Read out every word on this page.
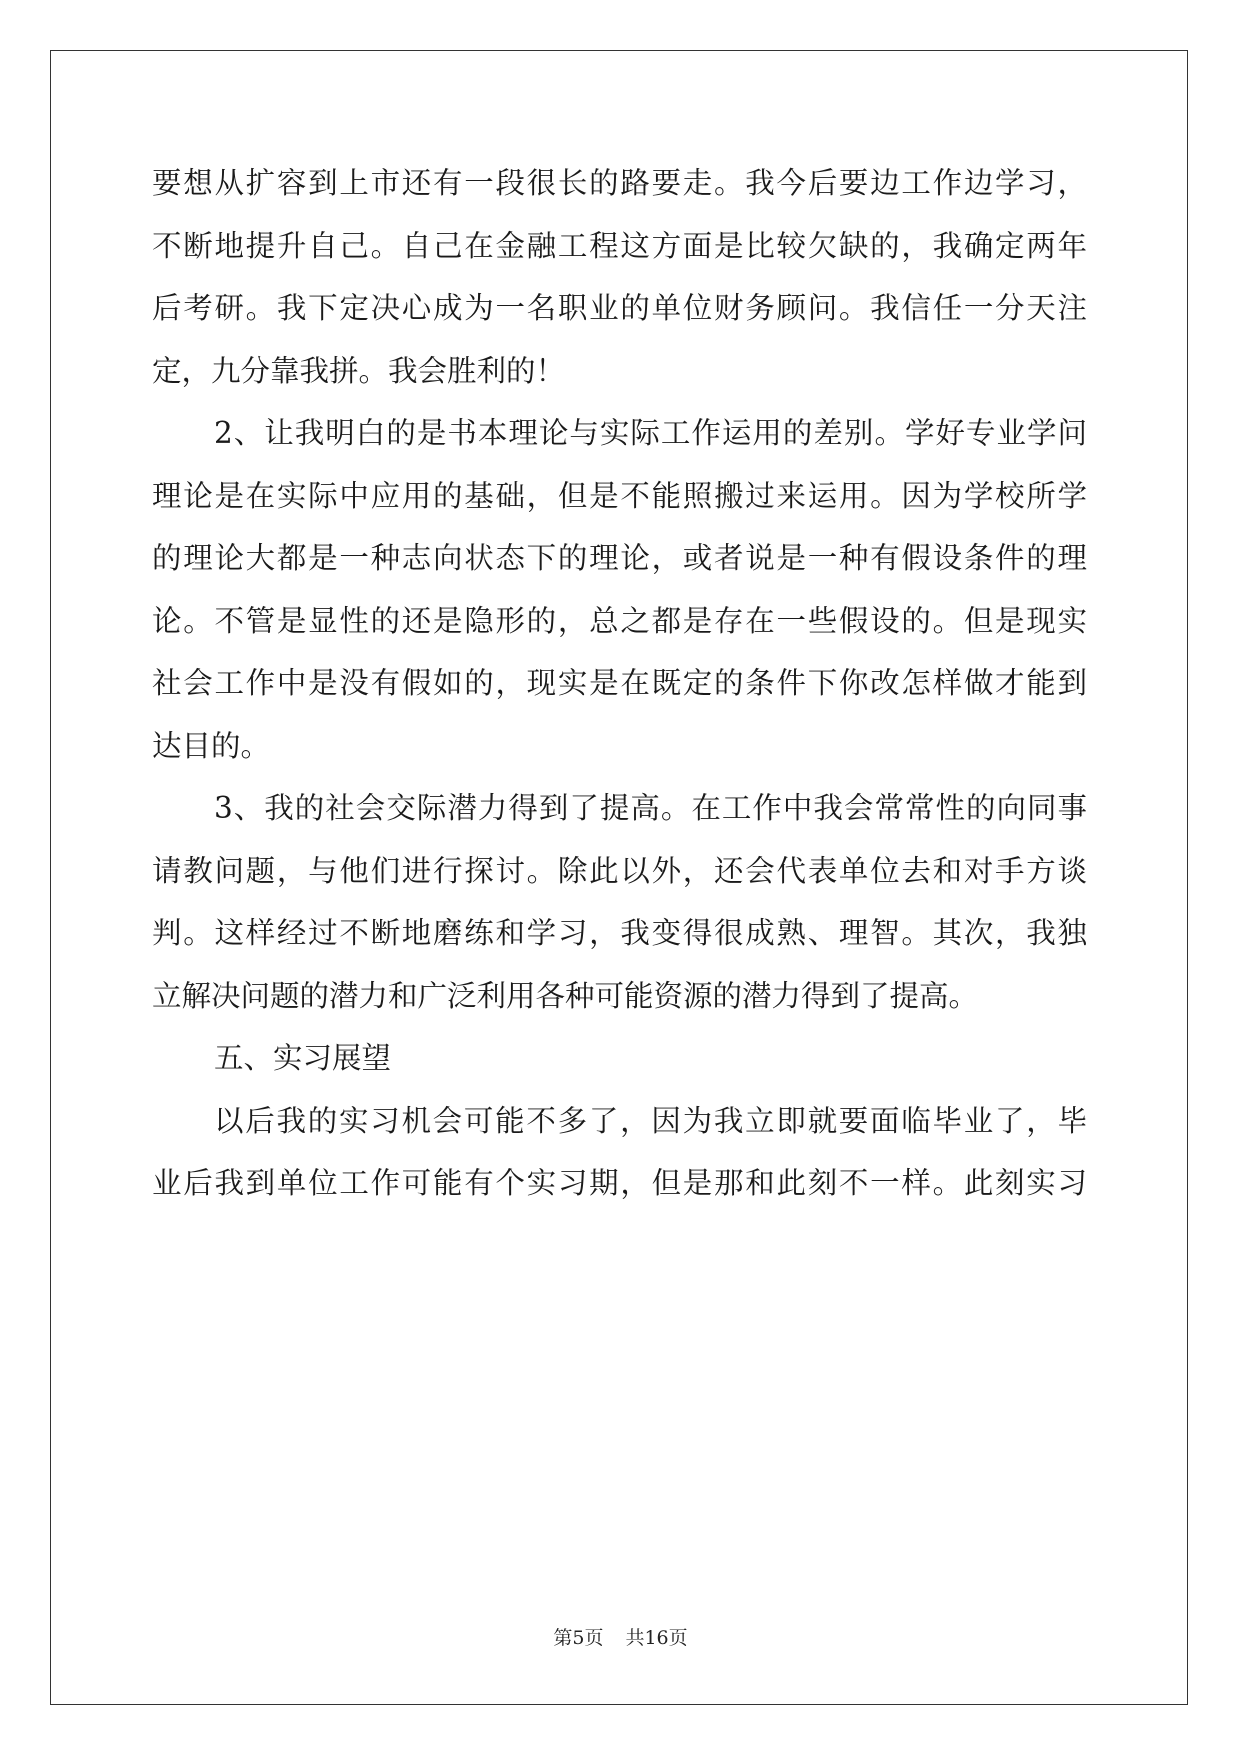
要想从扩容到上市还有一段很长的路要走。我今后要边工作边学习，

不断地提升自己。自己在金融工程这方面是比较欠缺的，我确定两年

后考研。我下定决心成为一名职业的单位财务顾问。我信任一分天注

定，九分靠我拼。我会胜利的！

2、让我明白的是书本理论与实际工作运用的差别。学好专业学问

理论是在实际中应用的基础，但是不能照搬过来运用。因为学校所学

的理论大都是一种志向状态下的理论，或者说是一种有假设条件的理

论。不管是显性的还是隐形的，总之都是存在一些假设的。但是现实

社会工作中是没有假如的，现实是在既定的条件下你改怎样做才能到

达目的。

3、我的社会交际潜力得到了提高。在工作中我会常常性的向同事

请教问题，与他们进行探讨。除此以外，还会代表单位去和对手方谈

判。这样经过不断地磨练和学习，我变得很成熟、理智。其次，我独

立解决问题的潜力和广泛利用各种可能资源的潜力得到了提高。

五、实习展望

以后我的实习机会可能不多了，因为我立即就要面临毕业了，毕

业后我到单位工作可能有个实习期，但是那和此刻不一样。此刻实习

第5页 共16页
